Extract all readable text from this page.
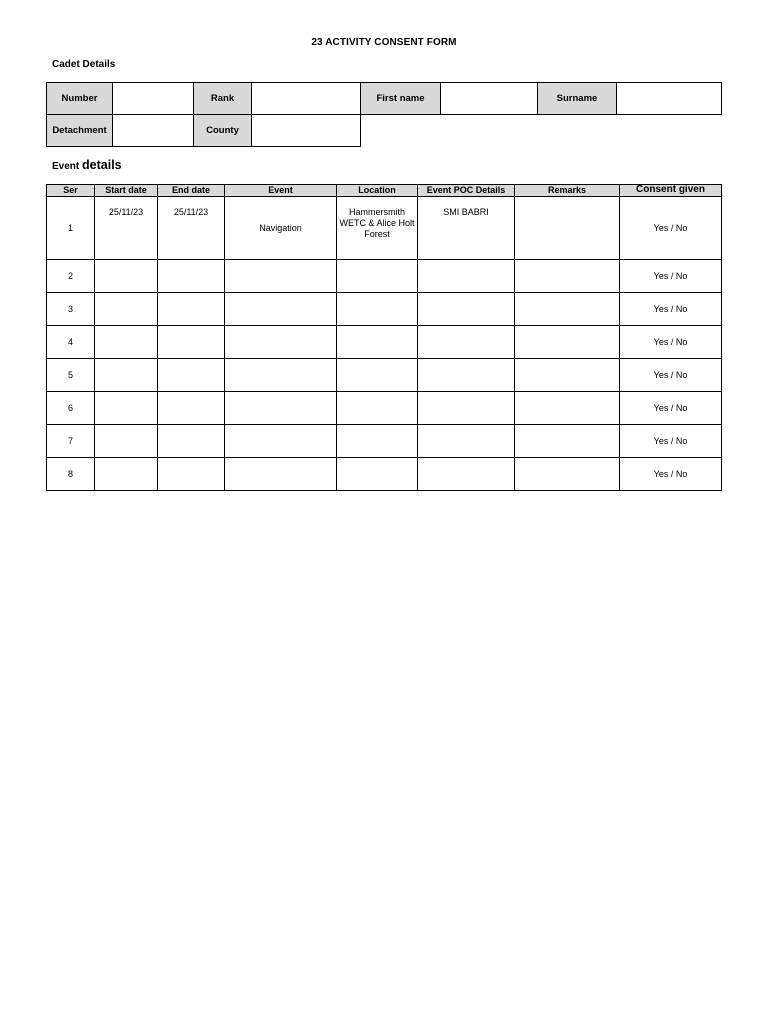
23 ACTIVITY CONSENT FORM
Cadet Details
Number		Rank		First name		Surname	
Detachment		County					
Event details
Ser	Start date	End date	Event	Location	Event POC Details	Remarks	Consent given
1	25/11/23	25/11/23	Navigation	Hammersmith WETC & Alice Holt Forest	SMI BABRI		Yes / No
2							Yes / No
3							Yes / No
4							Yes / No
5							Yes / No
6							Yes / No
7							Yes / No
8							Yes / No
